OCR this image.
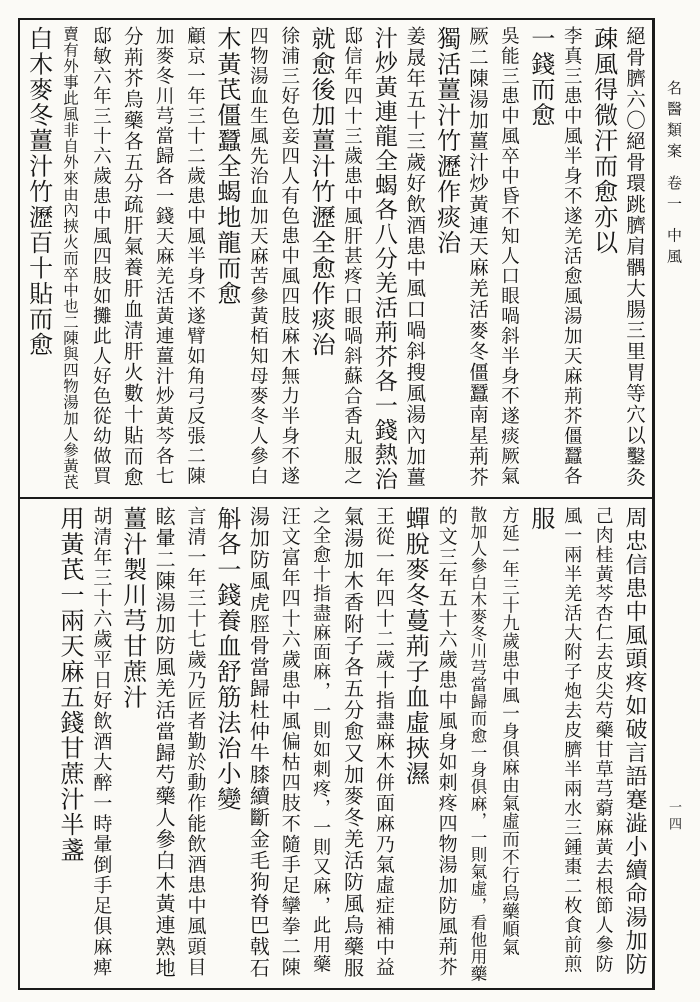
名醫類案 卷一 中風
一四
絕骨臍六〇絕骨環跳臍肩髃大腸三里胃等穴以鑿灸
疎風得微汗而愈亦以
李真三患中風半身不遂羌活愈風湯加天麻荊芥僵蠶各
一錢而愈
吳能三患中風卒中昏不知人口眼喎斜半身不遂痰厥氣
厥二陳湯加薑汁炒黃連天麻羌活麥冬僵蠶南星荊芥
獨活薑汁竹瀝作痰治
姜晟年五十三歲好飲酒患中風口喎斜搜風湯內加薑
汁炒黃連龍全蝎各八分羌活荊芥各一錢熱治
邸信年四十三歲患中風肝甚疼口眼喎斜蘇合香丸服之
就愈後加薑汁竹瀝全愈作痰治
徐浦三好色妾四人有色患中風四肢麻木無力半身不遂
四物湯血生風先治血加天麻苦參黃栢知母麥冬人參白
木黃芪僵蠶全蝎地龍而愈
顧京一年三十二歲患中風半身不遂臂如角弓反張二陳
加麥冬川芎當歸各一錢天麻羌活黃連薑汁炒黃芩各七
分荊芥烏藥各五分疏肝氣養肝血清肝火數十貼而愈
邸敏六年三十六歲患中風四肢如攤此人好色從幼做買
賣有外事此風非自外來由內挾火而卒中也二陳與四物湯加人參黃芪
白木麥冬薑汁竹瀝百十貼而愈
周忠信患中風頭疼如破言語蹇澁小續命湯加防
己肉桂黃芩杏仁去皮尖芍藥甘草芎藭麻黃去根節人參防
風一兩半羌活大附子炮去皮臍半兩水三鍾棗二枚食前煎
服
方延一年三十九歲患中風一身俱麻由氣虛而不行烏藥順氣
散加人參白木麥冬川芎當歸而愈一身俱麻，一則氣虛，看他用藥
的文三年五十六歲患中風身如刺疼四物湯加防風荊芥
蟬脫麥冬蔓荊子血虛挾濕
王從一年四十二歲十指盡麻木併面麻乃氣虛症補中益
氣湯加木香附子各五分愈又加麥冬羌活防風烏藥服
之全愈十指盡麻面麻，一則如刺疼，一則又麻，此用藥
汪文富年四十六歲患中風偏枯四肢不隨手足攣拳二陳
湯加防風虎脛骨當歸杜仲牛膝續斷金毛狗脊巴戟石
斛各一錢養血舒筋法治小變
言清一年三十七歲乃匠者勤於動作能飲酒患中風頭目
眩暈二陳湯加防風羌活當歸芍藥人參白木黃連熟地
薑汁製川芎甘蔗汁
胡清年三十六歲平日好飲酒大醉一時暈倒手足俱麻痺
用黃芪一兩天麻五錢甘蔗汁半盞
